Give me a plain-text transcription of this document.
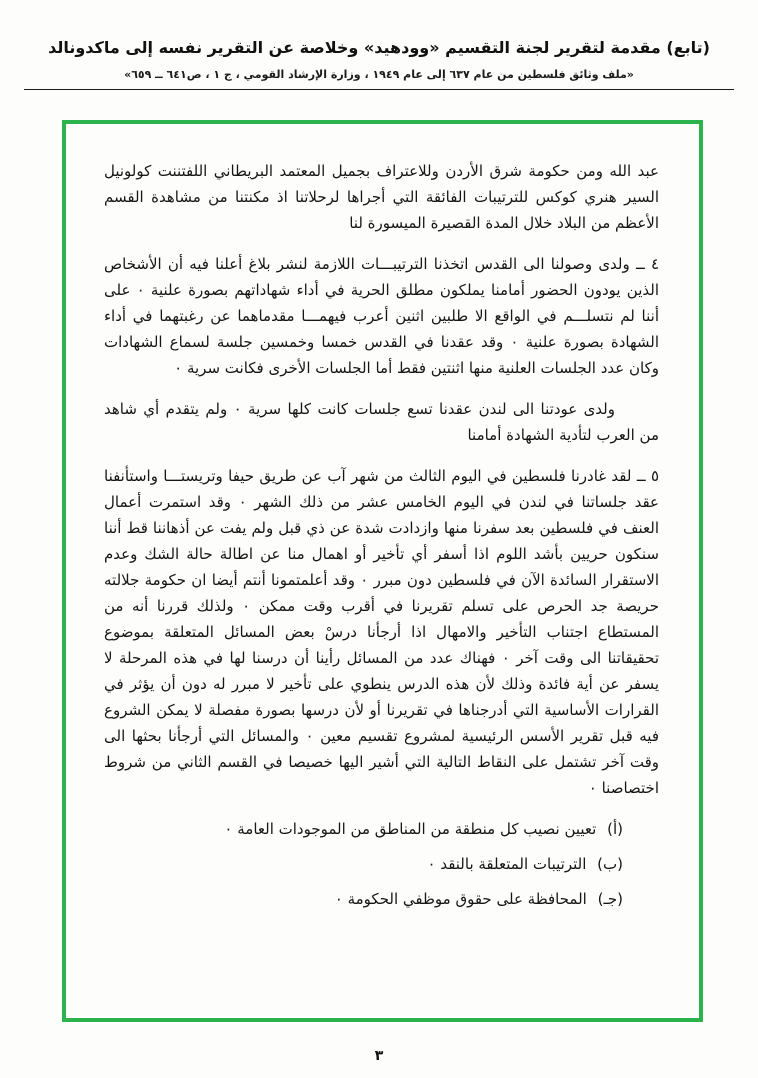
(تابع) مقدمة لتقرير لجنة التقسيم «وودهيد» وخلاصة عن التقرير نفسه إلى ماكدونالد
«ملف وثائق فلسطين من عام ٦٣٧ إلى عام ١٩٤٩ ، وزارة الإرشاد القومي ، ج ١ ، ص٦٤١ ــ ٦٥٩»

عبد الله ومن حكومة شرق الأردن وللاعتراف بجميل المعتمد البريطاني اللفتننت كولونيل السير هنري كوكس للترتيبات الفائقة التي أجراها لرحلاتنا اذ مكنتنا من مشاهدة القسم الأعظم من البلاد خلال المدة القصيرة الميسورة لنا

٤ ــ ولدى وصولنا الى القدس اتخذنا الترتيبـــات اللازمة لنشر بلاغ أعلنا فيه أن الأشخاص الذين يودون الحضور أمامنا يملكون مطلق الحرية في أداء شهاداتهم بصورة علنية ٠ على أننا لم نتسلـــم في الواقع الا طلبين اثنين أعرب فيهمـــا مقدماهما عن رغبتهما في أداء الشهادة بصورة علنية ٠ وقد عقدنا في القدس خمسا وخمسين جلسة لسماع الشهادات وكان عدد الجلسات العلنية منها اثنتين فقط أما الجلسات الأخرى فكانت سرية ٠

ولدى عودتنا الى لندن عقدنا تسع جلسات كانت كلها سرية ٠ ولم يتقدم أي شاهد من العرب لتأدية الشهادة أمامنا

٥ ــ لقد غادرنا فلسطين في اليوم الثالث من شهر آب عن طريق حيفا وتريستـــا واستأنفنا عقد جلساتنا في لندن في اليوم الخامس عشر من ذلك الشهر ٠ وقد استمرت أعمال العنف في فلسطين بعد سفرنا منها وازدادت شدة عن ذي قبل ولم يفت عن أذهاننا قط أننا سنكون حريين بأشد اللوم اذا أسفر أي تأخير أو اهمال منا عن اطالة حالة الشك وعدم الاستقرار السائدة الآن في فلسطين دون مبرر ٠ وقد أعلمتمونا أنتم أيضا ان حكومة جلالته حريصة جد الحرص على تسلم تقريرنا في أقرب وقت ممكن ٠ ولذلك قررنا أنه من المستطاع اجتناب التأخير والامهال اذا أرجأنا درسْ بعض المسائل المتعلقة بموضوع تحقيقاتنا الى وقت آخر ٠ فهناك عدد من المسائل رأينا أن درسنا لها في هذه المرحلة لا يسفر عن أية فائدة وذلك لأن هذه الدرس ينطوي على تأخير لا مبرر له دون أن يؤثر في القرارات الأساسية التي أدرجناها في تقريرنا أو لأن درسها بصورة مفصلة لا يمكن الشروع فيه قبل تقرير الأسس الرئيسية لمشروع تقسيم معين ٠ والمسائل التي أرجأنا بحثها الى وقت آخر تشتمل على النقاط التالية التي أشير اليها خصيصا في القسم الثاني من شروط اختصاصنا ٠

(أ) تعيين نصيب كل منطقة من المناطق من الموجودات العامة ٠
(ب) الترتيبات المتعلقة بالنقد ٠
(جـ) المحافظة على حقوق موظفي الحكومة ٠
٣
